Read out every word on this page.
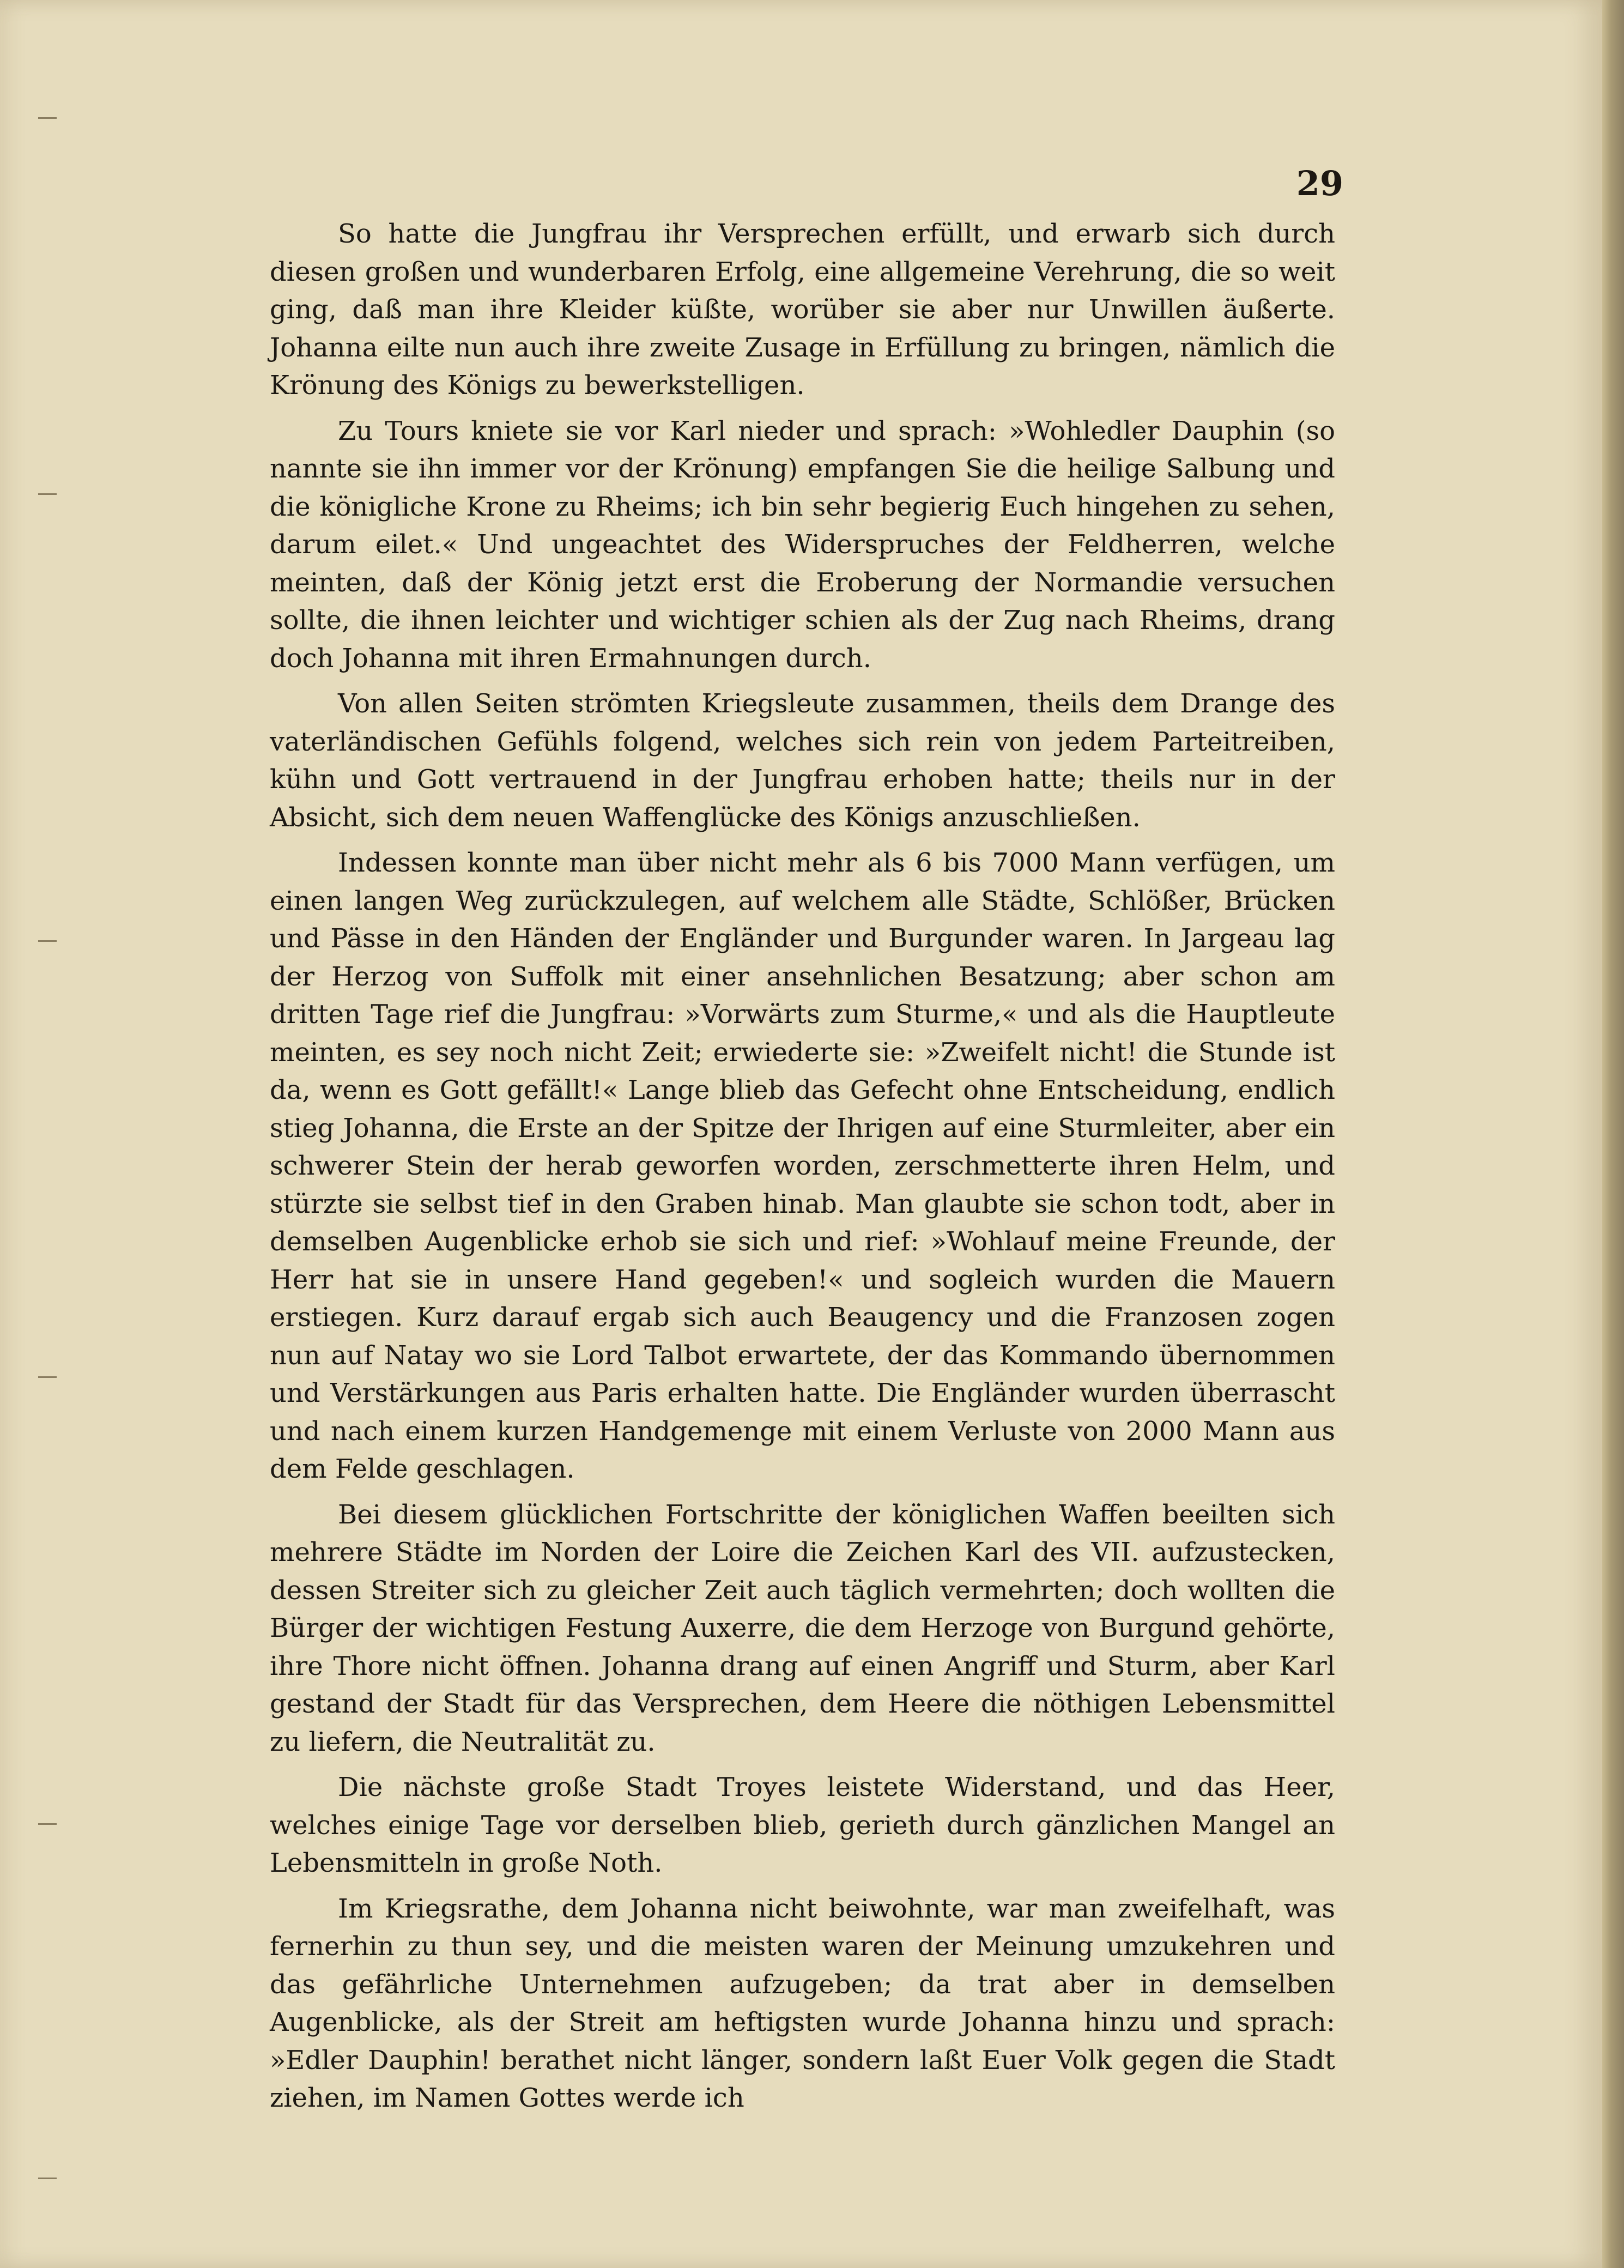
29

So hatte die Jungfrau ihr Versprechen erfüllt, und erwarb sich durch diesen großen und wunderbaren Erfolg, eine allgemeine Verehrung, die so weit ging, daß man ihre Kleider küßte, worüber sie aber nur Unwillen äußerte. Johanna eilte nun auch ihre zweite Zusage in Erfüllung zu bringen, nämlich die Krönung des Königs zu bewerkstelligen.

Zu Tours kniete sie vor Karl nieder und sprach: »Wohledler Dauphin (so nannte sie ihn immer vor der Krönung) empfangen Sie die heilige Salbung und die königliche Krone zu Rheims; ich bin sehr begierig Euch hingehen zu sehen, darum eilet.« Und ungeachtet des Widerspruches der Feldherren, welche meinten, daß der König jetzt erst die Eroberung der Normandie versuchen sollte, die ihnen leichter und wichtiger schien als der Zug nach Rheims, drang doch Johanna mit ihren Ermahnungen durch.

Von allen Seiten strömten Kriegsleute zusammen, theils dem Drange des vaterländischen Gefühls folgend, welches sich rein von jedem Parteitreiben, kühn und Gott vertrauend in der Jungfrau erhoben hatte; theils nur in der Absicht, sich dem neuen Waffenglücke des Königs anzuschließen.

Indessen konnte man über nicht mehr als 6 bis 7000 Mann verfügen, um einen langen Weg zurückzulegen, auf welchem alle Städte, Schlößer, Brücken und Pässe in den Händen der Engländer und Burgunder waren. In Jargeau lag der Herzog von Suffolk mit einer ansehnlichen Besatzung; aber schon am dritten Tage rief die Jungfrau: »Vorwärts zum Sturme,« und als die Hauptleute meinten, es sey noch nicht Zeit; erwiederte sie: »Zweifelt nicht! die Stunde ist da, wenn es Gott gefällt!« Lange blieb das Gefecht ohne Entscheidung, endlich stieg Johanna, die Erste an der Spitze der Ihrigen auf eine Sturmleiter, aber ein schwerer Stein der herab geworfen worden, zerschmetterte ihren Helm, und stürzte sie selbst tief in den Graben hinab. Man glaubte sie schon todt, aber in demselben Augenblicke erhob sie sich und rief: »Wohlauf meine Freunde, der Herr hat sie in unsere Hand gegeben!« und sogleich wurden die Mauern erstiegen. Kurz darauf ergab sich auch Beaugency und die Franzosen zogen nun auf Natay wo sie Lord Talbot erwartete, der das Kommando übernommen und Verstärkungen aus Paris erhalten hatte. Die Engländer wurden überrascht und nach einem kurzen Handgemenge mit einem Verluste von 2000 Mann aus dem Felde geschlagen.

Bei diesem glücklichen Fortschritte der königlichen Waffen beeilten sich mehrere Städte im Norden der Loire die Zeichen Karl des VII. aufzustecken, dessen Streiter sich zu gleicher Zeit auch täglich vermehrten; doch wollten die Bürger der wichtigen Festung Auxerre, die dem Herzoge von Burgund gehörte, ihre Thore nicht öffnen. Johanna drang auf einen Angriff und Sturm, aber Karl gestand der Stadt für das Versprechen, dem Heere die nöthigen Lebensmittel zu liefern, die Neutralität zu.

Die nächste große Stadt Troyes leistete Widerstand, und das Heer, welches einige Tage vor derselben blieb, gerieth durch gänzlichen Mangel an Lebensmitteln in große Noth.

Im Kriegsrathe, dem Johanna nicht beiwohnte, war man zweifelhaft, was fernerhin zu thun sey, und die meisten waren der Meinung umzukehren und das gefährliche Unternehmen aufzugeben; da trat aber in demselben Augenblicke, als der Streit am heftigsten wurde Johanna hinzu und sprach: »Edler Dauphin! berathet nicht länger, sondern laßt Euer Volk gegen die Stadt ziehen, im Namen Gottes werde ich
